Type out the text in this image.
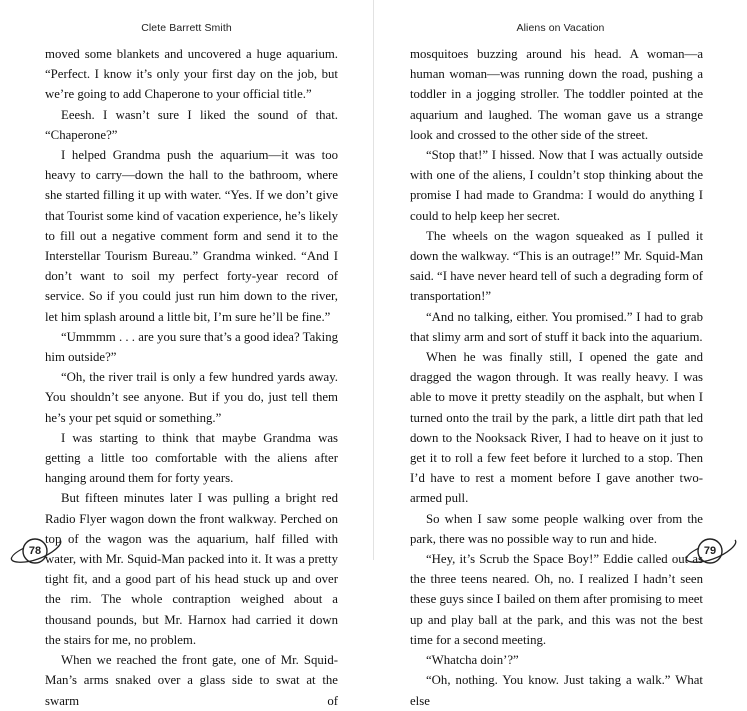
Clete Barrett Smith

moved some blankets and uncovered a huge aquarium. “Perfect. I know it’s only your first day on the job, but we’re going to add Chaperone to your official title.”

Eeesh. I wasn’t sure I liked the sound of that. “Chaperone?”

I helped Grandma push the aquarium—it was too heavy to carry—down the hall to the bathroom, where she started filling it up with water. “Yes. If we don’t give that Tourist some kind of vacation experience, he’s likely to fill out a negative comment form and send it to the Interstellar Tourism Bureau.” Grandma winked. “And I don’t want to soil my perfect forty-year record of service. So if you could just run him down to the river, let him splash around a little bit, I’m sure he’ll be fine.”

“Ummmm . . . are you sure that’s a good idea? Taking him outside?”

“Oh, the river trail is only a few hundred yards away. You shouldn’t see anyone. But if you do, just tell them he’s your pet squid or something.”

I was starting to think that maybe Grandma was getting a little too comfortable with the aliens after hanging around them for forty years.

But fifteen minutes later I was pulling a bright red Radio Flyer wagon down the front walkway. Perched on top of the wagon was the aquarium, half filled with water, with Mr. Squid-Man packed into it. It was a pretty tight fit, and a good part of his head stuck up and over the rim. The whole contraption weighed about a thousand pounds, but Mr. Harnox had carried it down the stairs for me, no problem.

When we reached the front gate, one of Mr. Squid-Man’s arms snaked over a glass side to swat at the swarm of

78
Aliens on Vacation

mosquitoes buzzing around his head. A woman—a human woman—was running down the road, pushing a toddler in a jogging stroller. The toddler pointed at the aquarium and laughed. The woman gave us a strange look and crossed to the other side of the street.

“Stop that!” I hissed. Now that I was actually outside with one of the aliens, I couldn’t stop thinking about the promise I had made to Grandma: I would do anything I could to help keep her secret.

The wheels on the wagon squeaked as I pulled it down the walkway. “This is an outrage!” Mr. Squid-Man said. “I have never heard tell of such a degrading form of transportation!”

“And no talking, either. You promised.” I had to grab that slimy arm and sort of stuff it back into the aquarium.

When he was finally still, I opened the gate and dragged the wagon through. It was really heavy. I was able to move it pretty steadily on the asphalt, but when I turned onto the trail by the park, a little dirt path that led down to the Nooksack River, I had to heave on it just to get it to roll a few feet before it lurched to a stop. Then I’d have to rest a moment before I gave another two-armed pull.

So when I saw some people walking over from the park, there was no possible way to run and hide.

“Hey, it’s Scrub the Space Boy!” Eddie called out as the three teens neared. Oh, no. I realized I hadn’t seen these guys since I bailed on them after promising to meet up and play ball at the park, and this was not the best time for a second meeting.

“Whatcha doin’?”

“Oh, nothing. You know. Just taking a walk.” What else

79
